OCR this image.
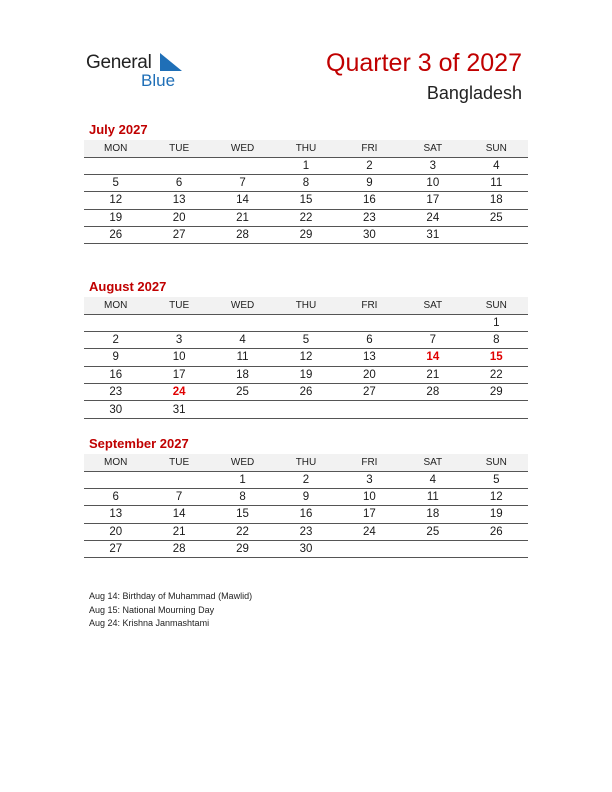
General
Blue
Quarter 3 of 2027
Bangladesh
July 2027
MON	TUE	WED	THU	FRI	SAT	SUN
			1	2	3	4
5	6	7	8	9	10	11
12	13	14	15	16	17	18
19	20	21	22	23	24	25
26	27	28	29	30	31	
August 2027
MON	TUE	WED	THU	FRI	SAT	SUN
						1
2	3	4	5	6	7	8
9	10	11	12	13	14	15
16	17	18	19	20	21	22
23	24	25	26	27	28	29
30	31					
September 2027
MON	TUE	WED	THU	FRI	SAT	SUN
		1	2	3	4	5
6	7	8	9	10	11	12
13	14	15	16	17	18	19
20	21	22	23	24	25	26
27	28	29	30			
Aug 14: Birthday of Muhammad (Mawlid)
Aug 15: National Mourning Day
Aug 24: Krishna Janmashtami
